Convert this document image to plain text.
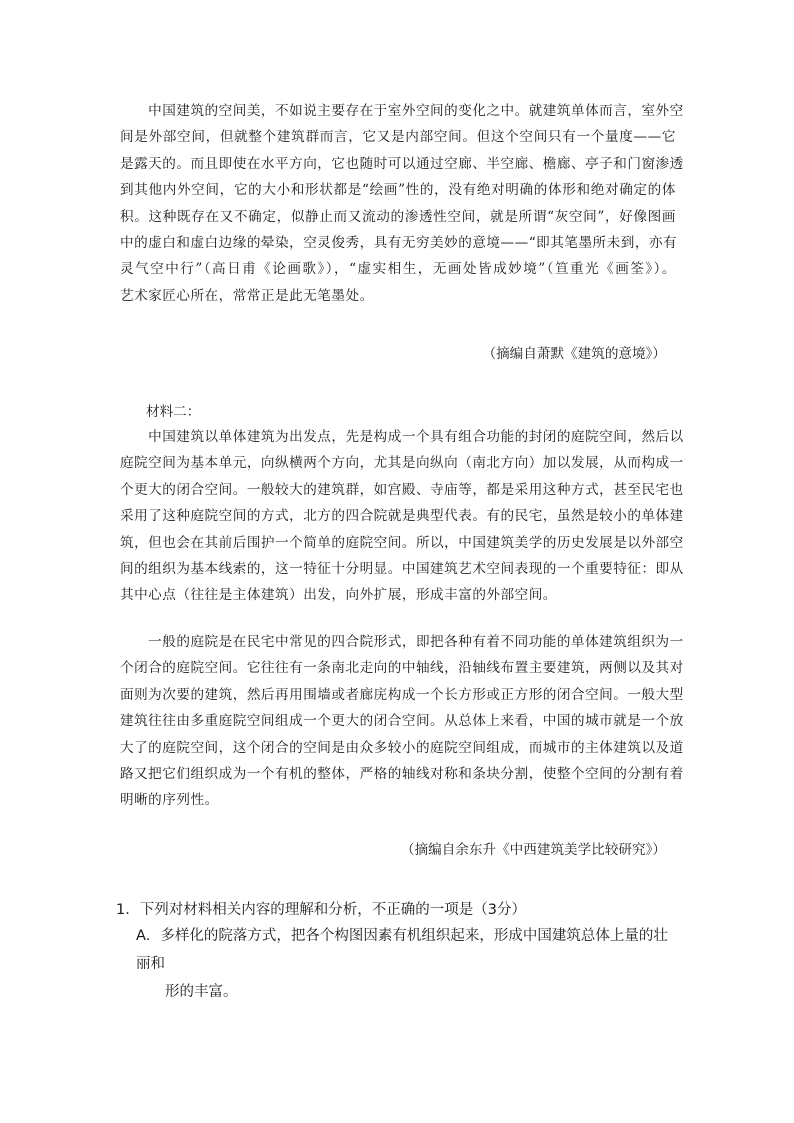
　　中国建筑的空间美，不如说主要存在于室外空间的变化之中。就建筑单体而言，室外空
间是外部空间，但就整个建筑群而言，它又是内部空间。但这个空间只有一个量度——它
是露天的。而且即使在水平方向，它也随时可以通过空廊、半空廊、檐廊、亭子和门窗渗透
到其他内外空间，它的大小和形状都是“绘画”性的，没有绝对明确的体形和绝对确定的体
积。这种既存在又不确定，似静止而又流动的渗透性空间，就是所谓“灰空间”，好像图画
中的虚白和虚白边缘的晕染，空灵俊秀，具有无穷美妙的意境——“即其笔墨所未到，亦有
灵气空中行”（高日甫《论画歌》），“虚实相生，无画处皆成妙境”（笪重光《画筌》）。
艺术家匠心所在，常常正是此无笔墨处。
（摘编自萧默《建筑的意境》）
材料二：
　　中国建筑以单体建筑为出发点，先是构成一个具有组合功能的封闭的庭院空间，然后以
庭院空间为基本单元，向纵横两个方向，尤其是向纵向（南北方向）加以发展，从而构成一
个更大的闭合空间。一般较大的建筑群，如宫殿、寺庙等，都是采用这种方式，甚至民宅也
采用了这种庭院空间的方式，北方的四合院就是典型代表。有的民宅，虽然是较小的单体建
筑，但也会在其前后围护一个简单的庭院空间。所以，中国建筑美学的历史发展是以外部空
间的组织为基本线索的，这一特征十分明显。中国建筑艺术空间表现的一个重要特征：即从
其中心点（往往是主体建筑）出发，向外扩展，形成丰富的外部空间。
　　一般的庭院是在民宅中常见的四合院形式，即把各种有着不同功能的单体建筑组织为一
个闭合的庭院空间。它往往有一条南北走向的中轴线，沿轴线布置主要建筑，两侧以及其对
面则为次要的建筑，然后再用围墙或者廊庑构成一个长方形或正方形的闭合空间。一般大型
建筑往往由多重庭院空间组成一个更大的闭合空间。从总体上来看，中国的城市就是一个放
大了的庭院空间，这个闭合的空间是由众多较小的庭院空间组成，而城市的主体建筑以及道
路又把它们组织成为一个有机的整体，严格的轴线对称和条块分割，使整个空间的分割有着
明晰的序列性。
（摘编自余东升《中西建筑美学比较研究》）
1．下列对材料相关内容的理解和分析，不正确的一项是（3分）
A．多样化的院落方式，把各个构图因素有机组织起来，形成中国建筑总体上量的壮丽和
　　形的丰富。
